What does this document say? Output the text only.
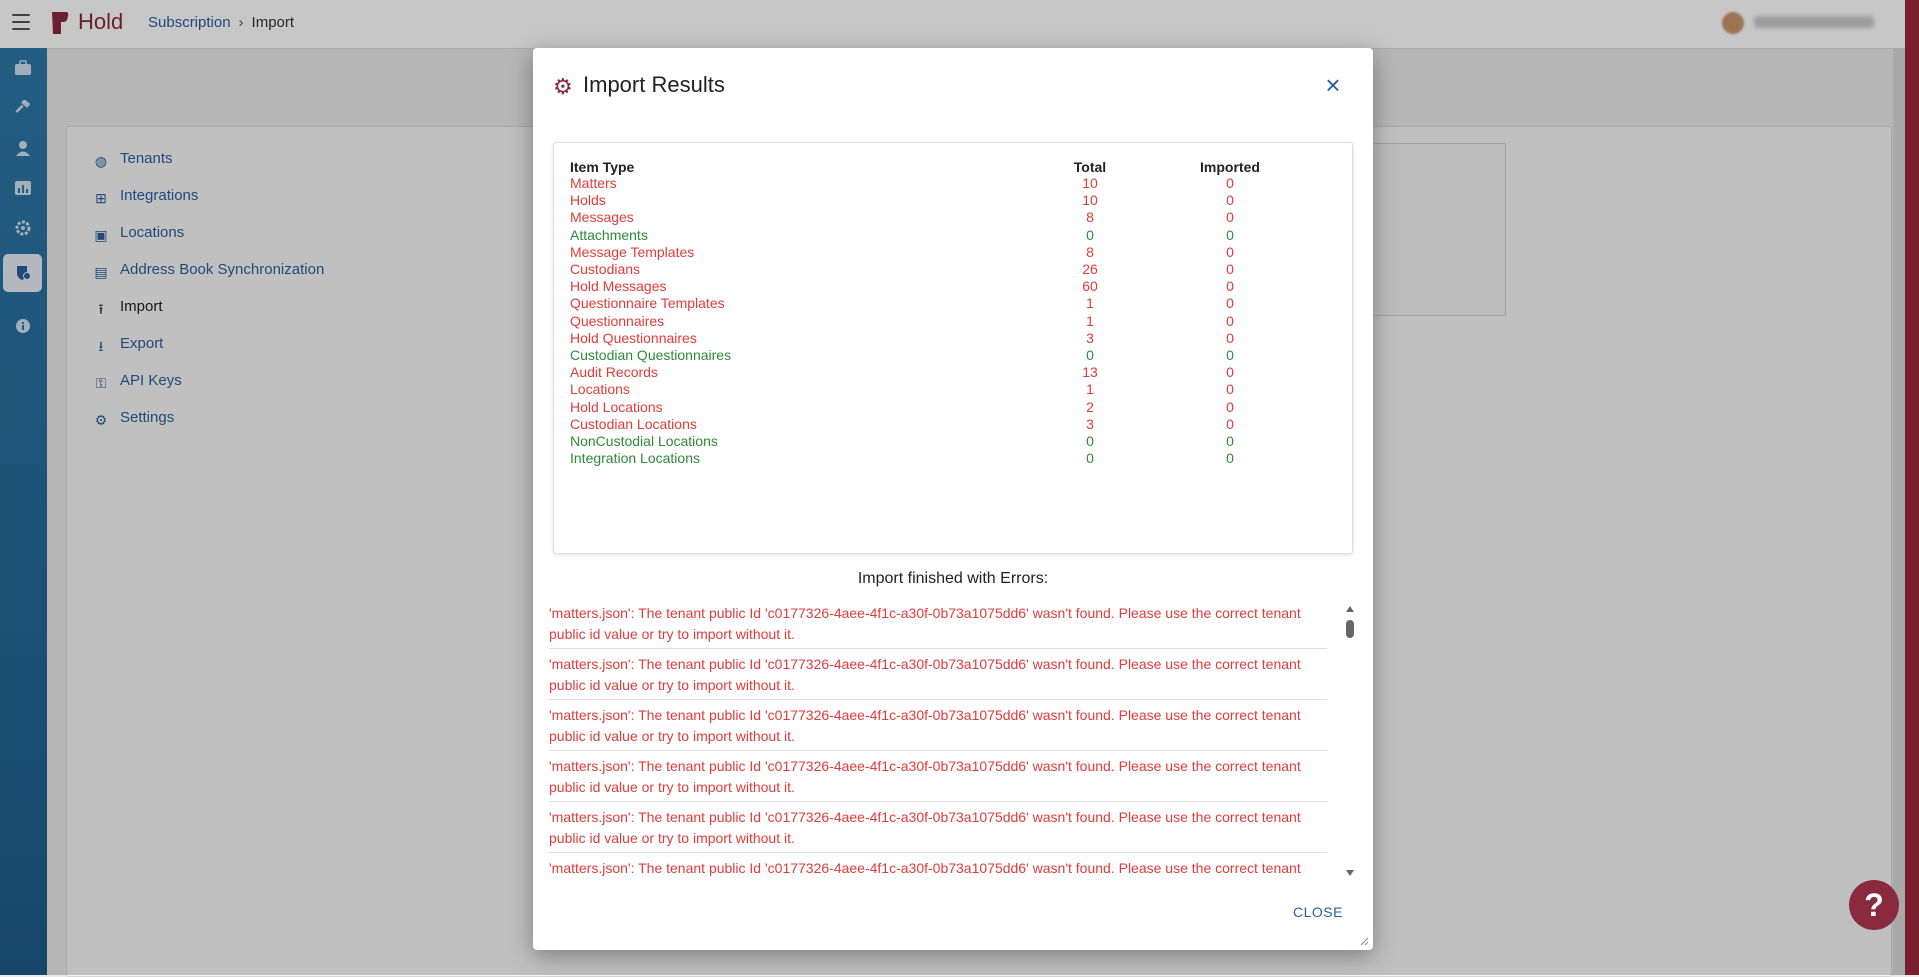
Hold Subscription › Import
◍ Tenants
⊞ Integrations
▣ Locations
▤ Address Book Synchronization
⭱ Import
⭳ Export
⚿ API Keys
⚙ Settings
⚙ Import Results	×
Item Type	Total	Imported
Matters	10	0
Holds	10	0
Messages	8	0
Attachments	0	0
Message Templates	8	0
Custodians	26	0
Hold Messages	60	0
Questionnaire Templates	1	0
Questionnaires	1	0
Hold Questionnaires	3	0
Custodian Questionnaires	0	0
Audit Records	13	0
Locations	1	0
Hold Locations	2	0
Custodian Locations	3	0
NonCustodial Locations	0	0
Integration Locations	0	0
Import finished with Errors:
'matters.json': The tenant public Id 'c0177326-4aee-4f1c-a30f-0b73a1075dd6' wasn't found. Please use the correct tenant public id value or try to import without it.
'matters.json': The tenant public Id 'c0177326-4aee-4f1c-a30f-0b73a1075dd6' wasn't found. Please use the correct tenant public id value or try to import without it.
'matters.json': The tenant public Id 'c0177326-4aee-4f1c-a30f-0b73a1075dd6' wasn't found. Please use the correct tenant public id value or try to import without it.
'matters.json': The tenant public Id 'c0177326-4aee-4f1c-a30f-0b73a1075dd6' wasn't found. Please use the correct tenant public id value or try to import without it.
'matters.json': The tenant public Id 'c0177326-4aee-4f1c-a30f-0b73a1075dd6' wasn't found. Please use the correct tenant public id value or try to import without it.
'matters.json': The tenant public Id 'c0177326-4aee-4f1c-a30f-0b73a1075dd6' wasn't found. Please use the correct tenant
CLOSE	?
